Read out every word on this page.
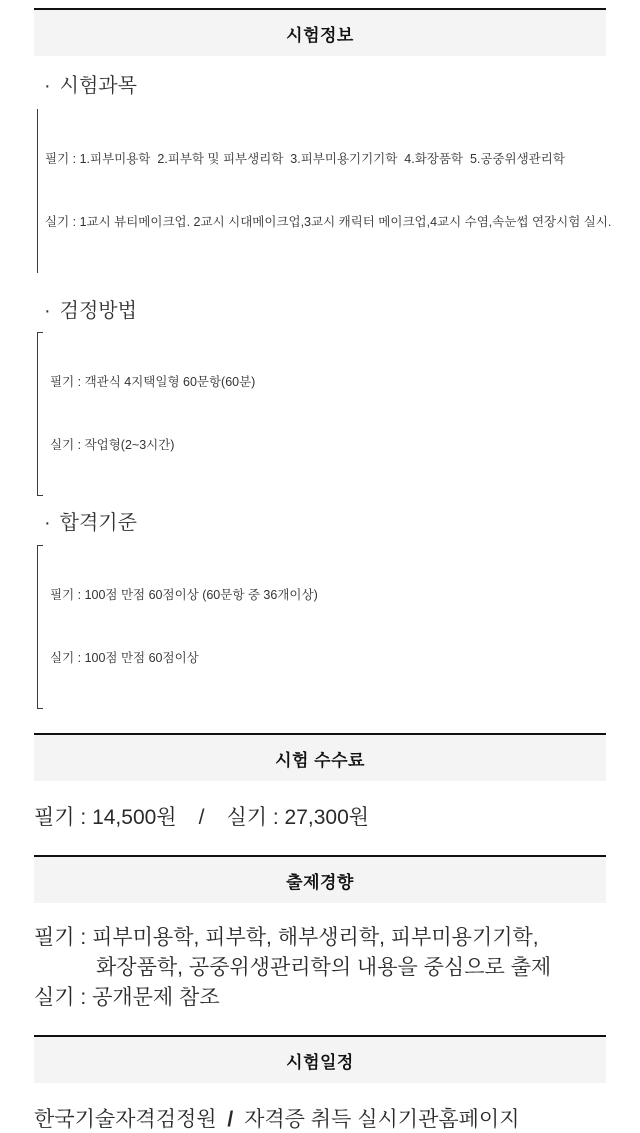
시험정보
· 시험과목

필기 : 1.피부미용학  2.피부학 및 피부생리학  3.피부미용기기기학  4.화장품학  5.공중위생관리학

실기 : 1교시 뷰티메이크업. 2교시 시대메이크업,3교시 캐릭터 메이크업,4교시 수염,속눈썹 연장시험 실시.

· 검정방법

필기 : 객관식 4지택일형 60문항(60분)

실기 : 작업형(2~3시간)

· 합격기준

필기 : 100점 만점 60점이상 (60문항 중 36개이상)

실기 : 100점 만점 60점이상

시험 수수료
필기 : 14,500원 / 실기 : 27,300원
출제경향
필기 : 피부미용학, 피부학, 해부생리학, 피부미용기기학,
화장품학, 공중위생관리학의 내용을 중심으로 출제
실기 : 공개문제 참조
시험일정
한국기술자격검정원 / 자격증 취득 실시기관홈페이지
